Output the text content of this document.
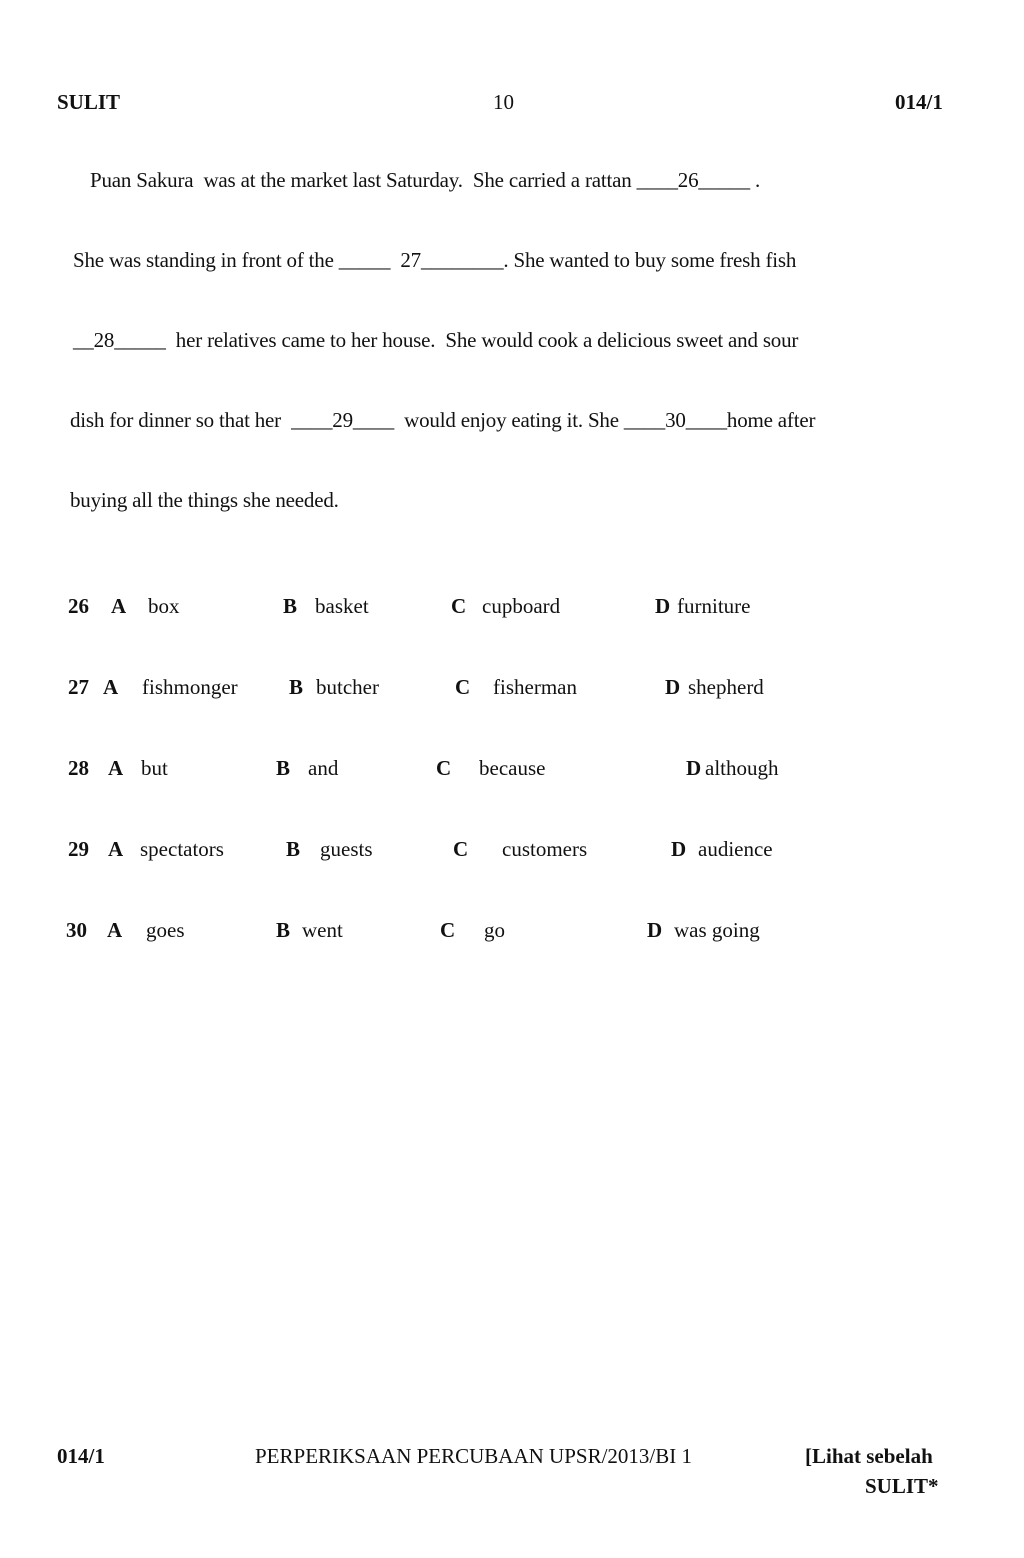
SULIT	10	014/1
Puan Sakura  was at the market last Saturday.  She carried a rattan ____26_____ .
She was standing in front of the _____  27________. She wanted to buy some fresh fish
__28_____  her relatives came to her house.  She would cook a delicious sweet and sour
dish for dinner so that her  ____29____  would enjoy eating it. She ____30____home after
buying all the things she needed.
26 A box	B basket	C cupboard	D furniture
27 A fishmonger B butcher	C fisherman	D shepherd
28 A but	B and	C because	D although
29 A spectators	B guests	C customers	D audience
30 A goes	B went	C go	D was going
014/1	PERPERIKSAAN PERCUBAAN UPSR/2013/BI 1	[Lihat sebelah
SULIT*
